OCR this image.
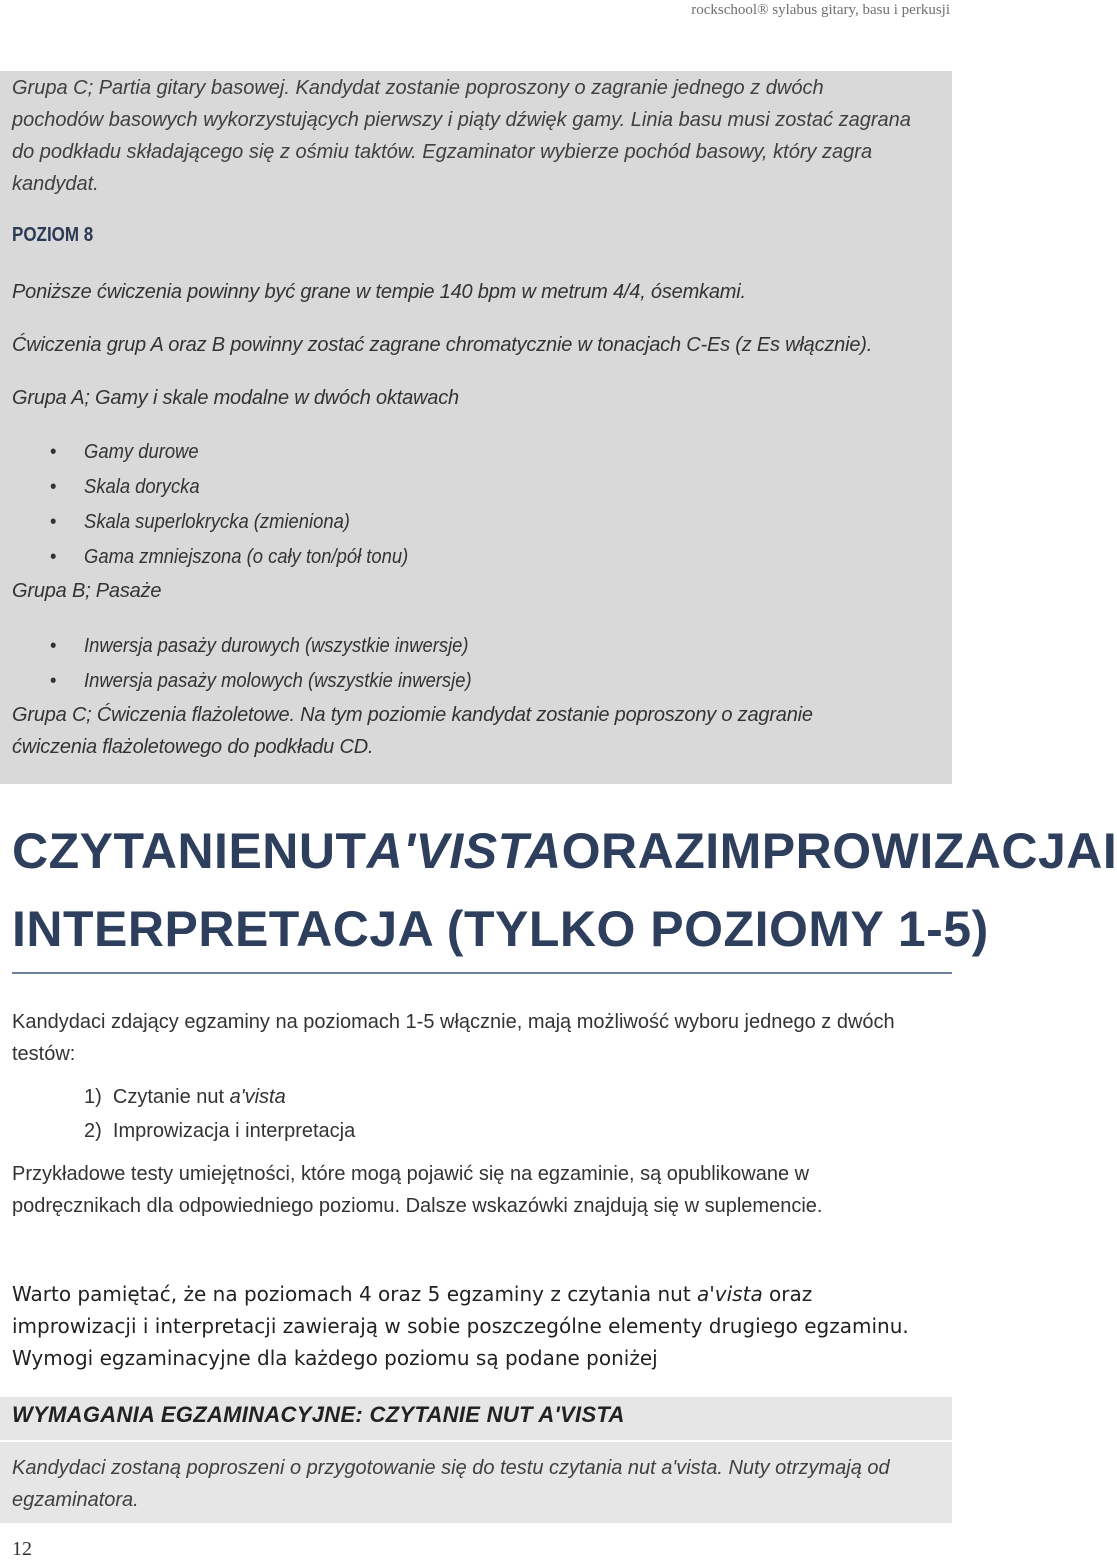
rockschool® sylabus gitary, basu i perkusji

Grupa C; Partia gitary basowej. Kandydat zostanie poproszony o zagranie jednego z dwóch

pochodów basowych wykorzystujących pierwszy i piąty dźwięk gamy. Linia basu musi zostać zagrana

do podkładu składającego się z ośmiu taktów. Egzaminator wybierze pochód basowy, który zagra

kandydat.

POZIOM 8

Poniższe ćwiczenia powinny być grane w tempie 140 bpm w metrum 4/4, ósemkami.

Ćwiczenia grup A oraz B powinny zostać zagrane chromatycznie w tonacjach C-Es (z Es włącznie).

Grupa A; Gamy i skale modalne w dwóch oktawach

• Gamy durowe
• Skala dorycka
• Skala superlokrycka (zmieniona)
• Gama zmniejszona (o cały ton/pół tonu)

Grupa B; Pasaże

• Inwersja pasaży durowych (wszystkie inwersje)
• Inwersja pasaży molowych (wszystkie inwersje)

Grupa C; Ćwiczenia flażoletowe. Na tym poziomie kandydat zostanie poproszony o zagranie

ćwiczenia flażoletowego do podkładu CD.

CZYTANIE NUT A'VISTA ORAZ IMPROWIZACJA I
INTERPRETACJA (TYLKO POZIOMY 1-5)

Kandydaci zdający egzaminy na poziomach 1-5 włącznie, mają możliwość wyboru jednego z dwóch testów:

1) Czytanie nut a'vista
2) Improwizacja i interpretacja

Przykładowe testy umiejętności, które mogą pojawić się na egzaminie, są opublikowane w podręcznikach dla odpowiedniego poziomu. Dalsze wskazówki znajdują się w suplemencie.

Warto pamiętać, że na poziomach 4 oraz 5 egzaminy z czytania nut a'vista oraz improwizacji i interpretacji zawierają w sobie poszczególne elementy drugiego egzaminu. Wymogi egzaminacyjne dla każdego poziomu są podane poniżej

WYMAGANIA EGZAMINACYJNE: CZYTANIE NUT A'VISTA

Kandydaci zostaną poproszeni o przygotowanie się do testu czytania nut a'vista. Nuty otrzymają od egzaminatora.

12
